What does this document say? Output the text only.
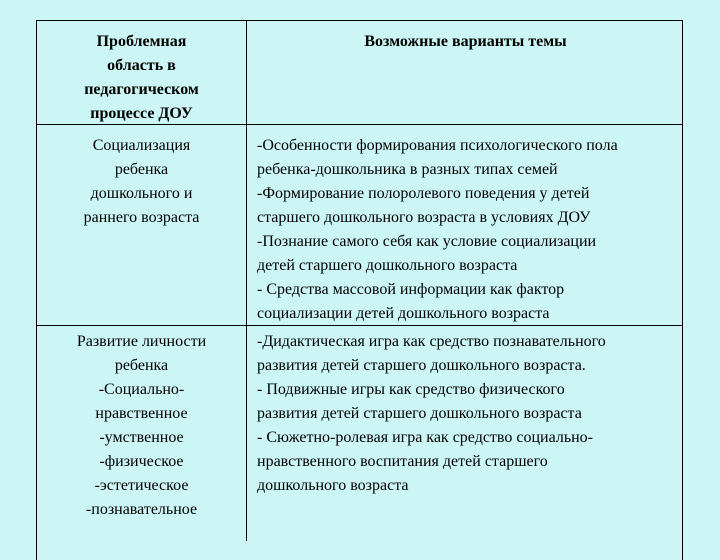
Проблемная
область в
педагогическом
процессе ДОУ
Возможные варианты темы
Социализация
ребенка
дошкольного и
раннего возраста
-Особенности формирования психологического пола
ребенка-дошкольника в разных типах семей
-Формирование полоролевого поведения у детей
старшего дошкольного возраста в условиях ДОУ
-Познание самого себя как условие социализации
детей старшего дошкольного возраста
- Средства массовой информации как фактор
социализации детей дошкольного возраста
Развитие личности
ребенка
-Социально-
нравственное
-умственное
-физическое
-эстетическое
-познавательное
-Дидактическая игра как средство познавательного
развития детей старшего дошкольного возраста.
- Подвижные игры как средство физического
развития детей старшего дошкольного возраста
- Сюжетно-ролевая игра как средство социально-
нравственного воспитания детей старшего
дошкольного возраста
